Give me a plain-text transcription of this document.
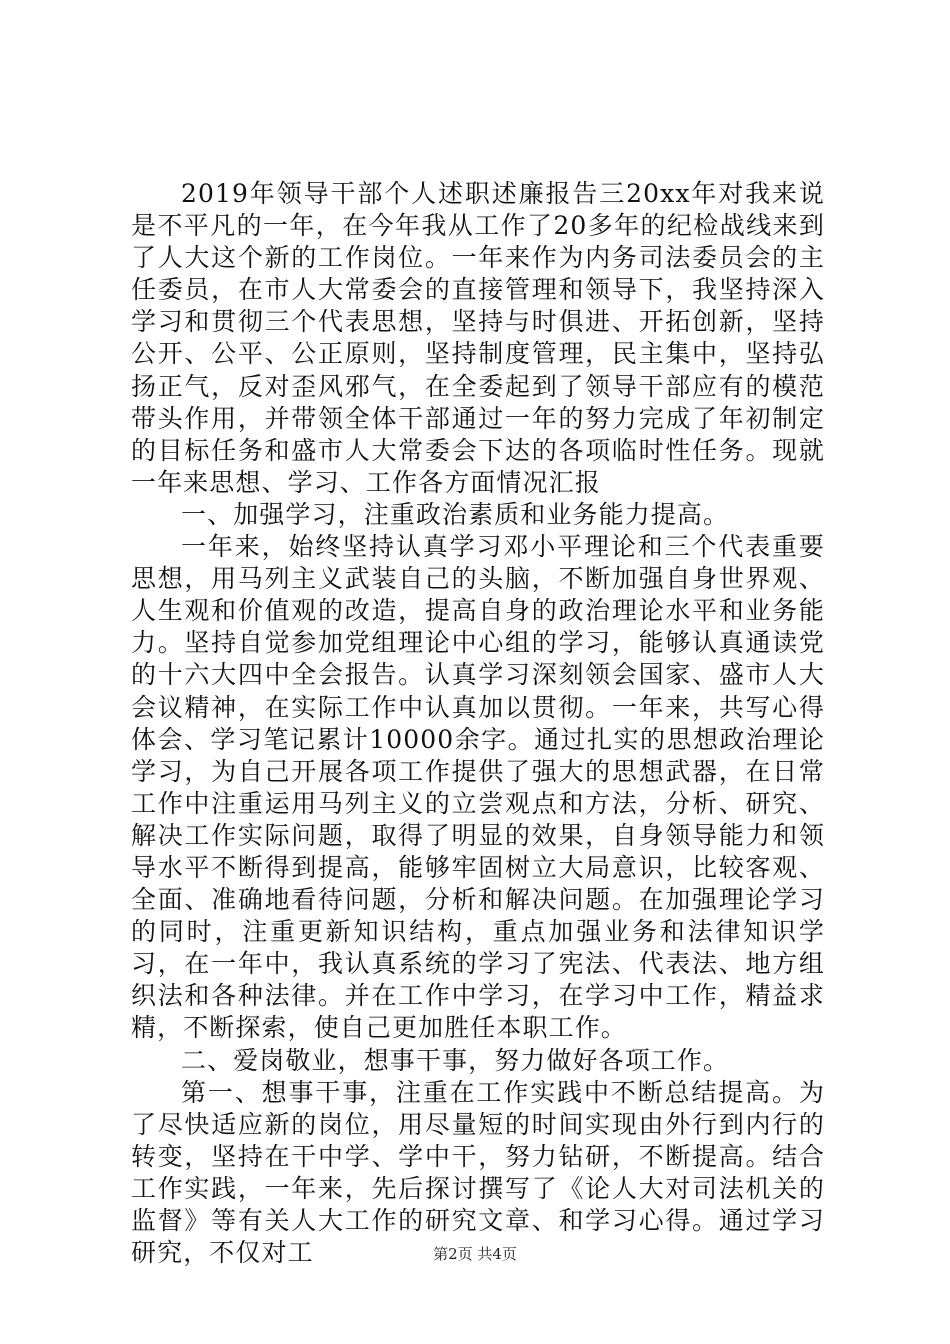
2019年领导干部个人述职述廉报告三20xx年对我来说是不平凡的一年，在今年我从工作了20多年的纪检战线来到了人大这个新的工作岗位。一年来作为内务司法委员会的主任委员，在市人大常委会的直接管理和领导下，我坚持深入学习和贯彻三个代表思想，坚持与时俱进、开拓创新，坚持公开、公平、公正原则，坚持制度管理，民主集中，坚持弘扬正气，反对歪风邪气，在全委起到了领导干部应有的模范带头作用，并带领全体干部通过一年的努力完成了年初制定的目标任务和盛市人大常委会下达的各项临时性任务。现就一年来思想、学习、工作各方面情况汇报

一、加强学习，注重政治素质和业务能力提高。

一年来，始终坚持认真学习邓小平理论和三个代表重要思想，用马列主义武装自己的头脑，不断加强自身世界观、人生观和价值观的改造，提高自身的政治理论水平和业务能力。坚持自觉参加党组理论中心组的学习，能够认真通读党的十六大四中全会报告。认真学习深刻领会国家、盛市人大会议精神，在实际工作中认真加以贯彻。一年来，共写心得体会、学习笔记累计10000余字。通过扎实的思想政治理论学习，为自己开展各项工作提供了强大的思想武器，在日常工作中注重运用马列主义的立尝观点和方法，分析、研究、解决工作实际问题，取得了明显的效果，自身领导能力和领导水平不断得到提高，能够牢固树立大局意识，比较客观、全面、准确地看待问题，分析和解决问题。在加强理论学习的同时，注重更新知识结构，重点加强业务和法律知识学习，在一年中，我认真系统的学习了宪法、代表法、地方组织法和各种法律。并在工作中学习，在学习中工作，精益求精，不断探索，使自己更加胜任本职工作。

二、爱岗敬业，想事干事，努力做好各项工作。

第一、想事干事，注重在工作实践中不断总结提高。为了尽快适应新的岗位，用尽量短的时间实现由外行到内行的转变，坚持在干中学、学中干，努力钻研，不断提高。结合工作实践，一年来，先后探讨撰写了《论人大对司法机关的监督》等有关人大工作的研究文章、和学习心得。通过学习研究，不仅对工	第2页 共4页
